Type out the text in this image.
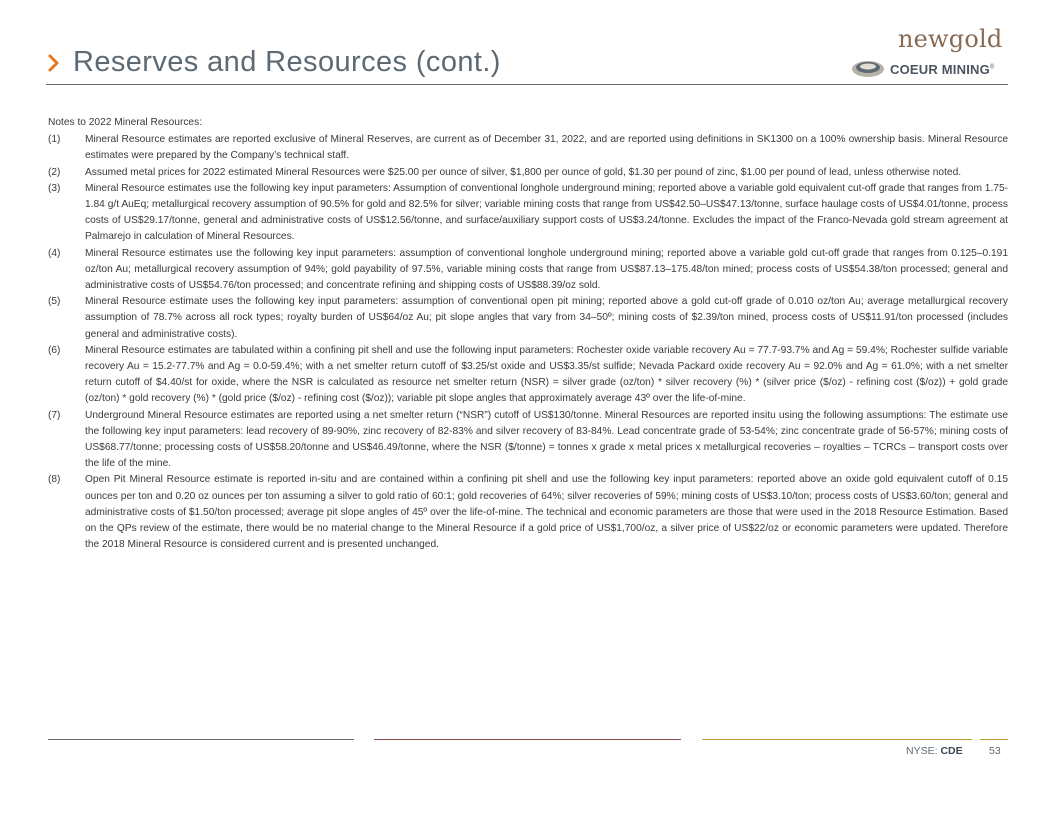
Reserves and Resources (cont.)
newgold
COEUR MINING®
Notes to 2022 Mineral Resources:
(1) Mineral Resource estimates are reported exclusive of Mineral Reserves, are current as of December 31, 2022, and are reported using definitions in SK1300 on a 100% ownership basis. Mineral Resource estimates were prepared by the Company’s technical staff.
(2) Assumed metal prices for 2022 estimated Mineral Resources were $25.00 per ounce of silver, $1,800 per ounce of gold, $1.30 per pound of zinc, $1.00 per pound of lead, unless otherwise noted.
(3) Mineral Resource estimates use the following key input parameters: Assumption of conventional longhole underground mining; reported above a variable gold equivalent cut-off grade that ranges from 1.75-1.84 g/t AuEq; metallurgical recovery assumption of 90.5% for gold and 82.5% for silver; variable mining costs that range from US$42.50–US$47.13/tonne, surface haulage costs of US$4.01/tonne, process costs of US$29.17/tonne, general and administrative costs of US$12.56/tonne, and surface/auxiliary support costs of US$3.24/tonne. Excludes the impact of the Franco-Nevada gold stream agreement at Palmarejo in calculation of Mineral Resources.
(4) Mineral Resource estimates use the following key input parameters: assumption of conventional longhole underground mining; reported above a variable gold cut-off grade that ranges from 0.125–0.191 oz/ton Au; metallurgical recovery assumption of 94%; gold payability of 97.5%, variable mining costs that range from US$87.13–175.48/ton mined; process costs of US$54.38/ton processed; general and administrative costs of US$54.76/ton processed; and concentrate refining and shipping costs of US$88.39/oz sold.
(5) Mineral Resource estimate uses the following key input parameters: assumption of conventional open pit mining; reported above a gold cut-off grade of 0.010 oz/ton Au; average metallurgical recovery assumption of 78.7% across all rock types; royalty burden of US$64/oz Au; pit slope angles that vary from 34–50º; mining costs of $2.39/ton mined, process costs of US$11.91/ton processed (includes general and administrative costs).
(6) Mineral Resource estimates are tabulated within a confining pit shell and use the following input parameters: Rochester oxide variable recovery Au = 77.7-93.7% and Ag = 59.4%; Rochester sulfide variable recovery Au = 15.2-77.7% and Ag = 0.0-59.4%; with a net smelter return cutoff of $3.25/st oxide and US$3.35/st sulfide; Nevada Packard oxide recovery Au = 92.0% and Ag = 61.0%; with a net smelter return cutoff of $4.40/st for oxide, where the NSR is calculated as resource net smelter return (NSR) = silver grade (oz/ton) * silver recovery (%) * (silver price ($/oz) - refining cost ($/oz)) + gold grade (oz/ton) * gold recovery (%) * (gold price ($/oz) - refining cost ($/oz)); variable pit slope angles that approximately average 43º over the life-of-mine.
(7) Underground Mineral Resource estimates are reported using a net smelter return (“NSR”) cutoff of US$130/tonne. Mineral Resources are reported insitu using the following assumptions: The estimate use the following key input parameters: lead recovery of 89-90%, zinc recovery of 82-83% and silver recovery of 83-84%. Lead concentrate grade of 53-54%; zinc concentrate grade of 56-57%; mining costs of US$68.77/tonne; processing costs of US$58.20/tonne and US$46.49/tonne, where the NSR ($/tonne) = tonnes x grade x metal prices x metallurgical recoveries – royalties – TCRCs – transport costs over the life of the mine.
(8) Open Pit Mineral Resource estimate is reported in-situ and are contained within a confining pit shell and use the following key input parameters: reported above an oxide gold equivalent cutoff of 0.15 ounces per ton and 0.20 oz ounces per ton assuming a silver to gold ratio of 60:1; gold recoveries of 64%; silver recoveries of 59%; mining costs of US$3.10/ton; process costs of US$3.60/ton; general and administrative costs of $1.50/ton processed; average pit slope angles of 45º over the life-of-mine. The technical and economic parameters are those that were used in the 2018 Resource Estimation. Based on the QPs review of the estimate, there would be no material change to the Mineral Resource if a gold price of US$1,700/oz, a silver price of US$22/oz or economic parameters were updated. Therefore the 2018 Mineral Resource is considered current and is presented unchanged.
NYSE: CDE	53
